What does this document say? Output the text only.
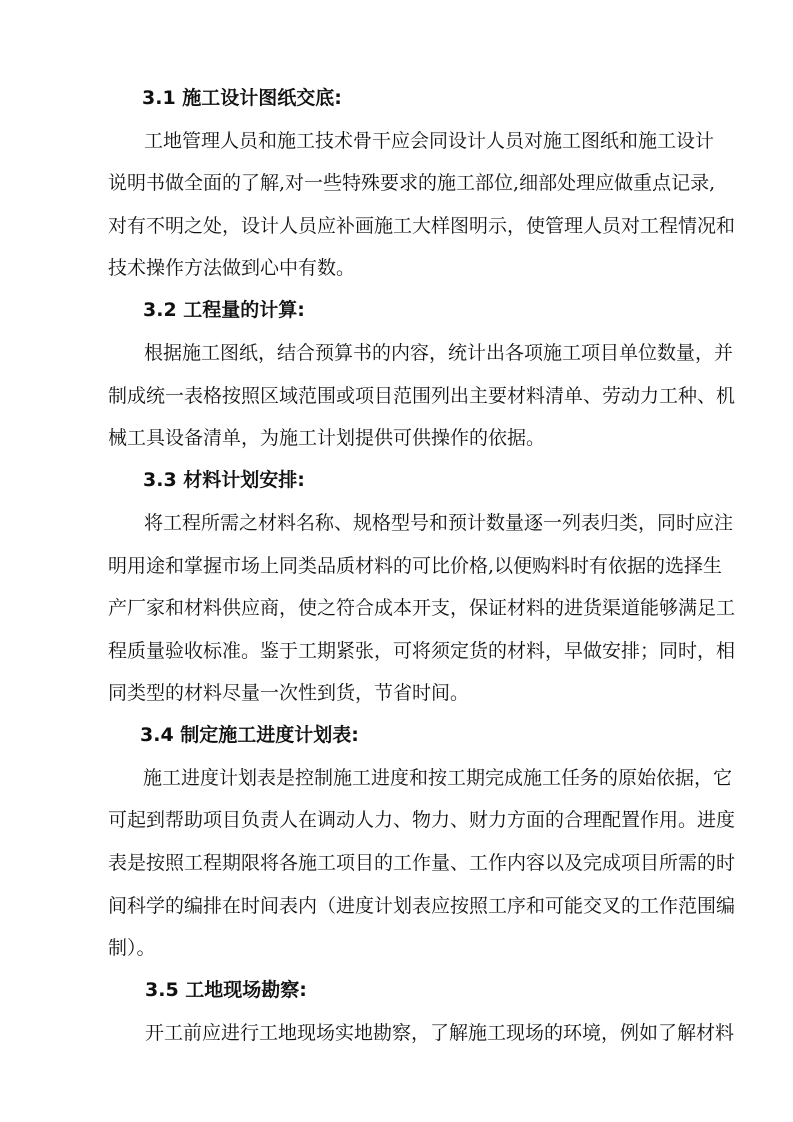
3.1 施工设计图纸交底:
工地管理人员和施工技术骨干应会同设计人员对施工图纸和施工设计
说明书做全面的了解,对一些特殊要求的施工部位,细部处理应做重点记录,
对有不明之处，设计人员应补画施工大样图明示，使管理人员对工程情况和
技术操作方法做到心中有数。
3.2 工程量的计算:
根据施工图纸，结合预算书的内容，统计出各项施工项目单位数量，并
制成统一表格按照区域范围或项目范围列出主要材料清单、劳动力工种、机
械工具设备清单，为施工计划提供可供操作的依据。
3.3 材料计划安排:
将工程所需之材料名称、规格型号和预计数量逐一列表归类，同时应注
明用途和掌握市场上同类品质材料的可比价格,以便购料时有依据的选择生
产厂家和材料供应商，使之符合成本开支，保证材料的进货渠道能够满足工
程质量验收标准。鉴于工期紧张，可将须定货的材料，早做安排；同时，相
同类型的材料尽量一次性到货，节省时间。
3.4 制定施工进度计划表:
施工进度计划表是控制施工进度和按工期完成施工任务的原始依据，它
可起到帮助项目负责人在调动人力、物力、财力方面的合理配置作用。进度
表是按照工程期限将各施工项目的工作量、工作内容以及完成项目所需的时
间科学的编排在时间表内（进度计划表应按照工序和可能交叉的工作范围编
制）。
3.5 工地现场勘察:
开工前应进行工地现场实地勘察，了解施工现场的环境，例如了解材料
